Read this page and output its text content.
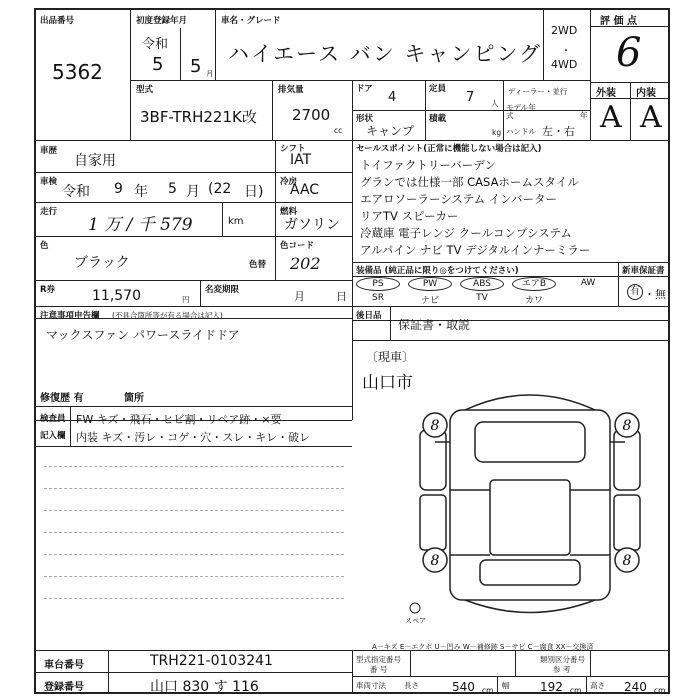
出品番号
5362
初度登録年月
令和
5 5 月
車名・グレード
ハイエース バン キャンピング
2WD
・
4WD
評 価 点
6
外装 内装
A A
型式
3BF-TRH221K改
排気量
2700
cc
ドア
4
定員
7 人
ディーラー・並行
形状
キャンプ
積載
kg
モデル年式	年
ハンドル 左・右
車歴
自家用
シフト
IAT
車検
令和 9 年 5 月 (22 日)
冷房
AAC
走行
1 万 / 千 579	km
燃料
ガソリン
色
ブラック	色替
色コード
202
R券	11,570	円
名変期限	月	日
セールスポイント(正常に機能しない場合は記入)
トイファクトリーバーデン
グランでは仕様一部 CASAホームスタイル
エアロソーラーシステム インバーター
リアTV スピーカー
冷蔵庫 電子レンジ クールコンプシステム
アルパイン ナビ TV デジタルインナーミラー
装備品 (純正品に限り◎をつけてください)	新車保証書
PS
SR
PW
ナビ
ABS
TV
エアB
カワ
AW
有 ・無
注意事項申告欄 (不具合箇所等が有る場合は記入)
マックスファン パワースライドドア
修復歴 有	箇所
後日品
保証書・取説
〔現車〕
山口市
検査員
記入欄
FW キズ・飛石・ヒビ割・リペア跡・×要
内装 キズ・汚レ・コゲ・穴・スレ・キレ・破レ
8	8
8	8
スペア
A－キズ E－エクボ U－凹み W－補修跡 S－サビ C－腐食 XX－交換済
車台番号	TRH221-0103241
登録番号	山口 830 す 116
型式指定番号
番 号
類別区分番号
参 考
車両寸法 長さ	540 cm
幅	192 cm
高さ 240 cm
